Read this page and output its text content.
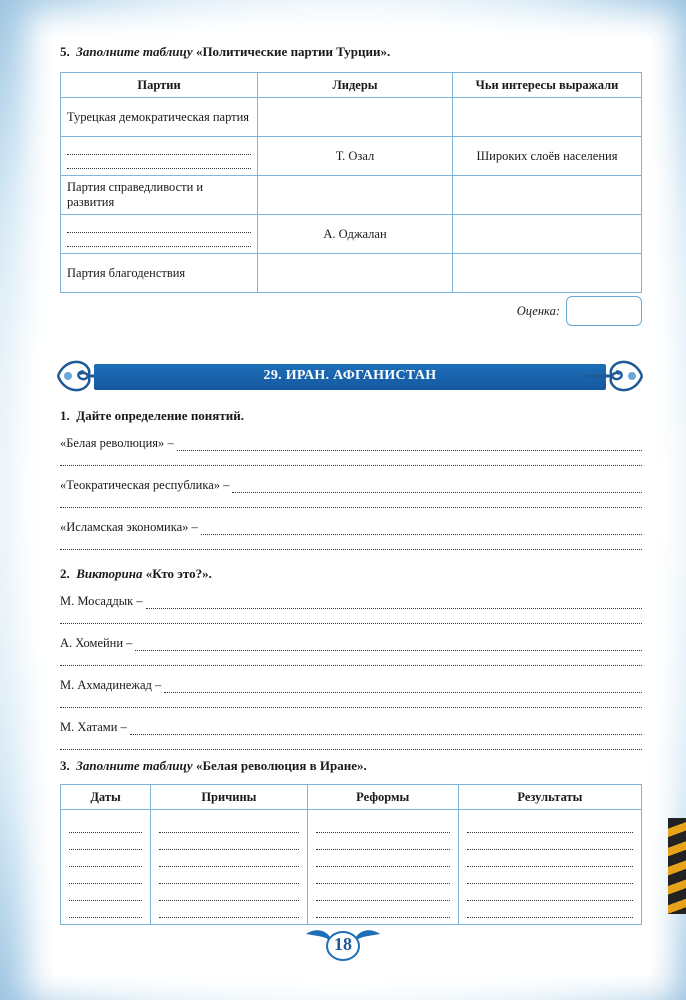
5. Заполните таблицу «Политические партии Турции».

Партии	Лидеры	Чьи интересы выражали
Турецкая демократическая партия		

	Т. Озал	Широких слоёв населения
Партия справедливости и развития		

	А. Оджалан	
Партия благоденствия		
Оценка:
29. ИРАН. АФГАНИСТАН

1. Дайте определение понятий.

«Белая революция» –
«Теократическая республика» –
«Исламская экономика» –

2. Викторина «Кто это?».

М. Мосаддык –
А. Хомейни –
М. Ахмадинежад –
М. Хатами –

3. Заполните таблицу «Белая революция в Иране».

Даты	Причины	Реформы	Результаты

18
